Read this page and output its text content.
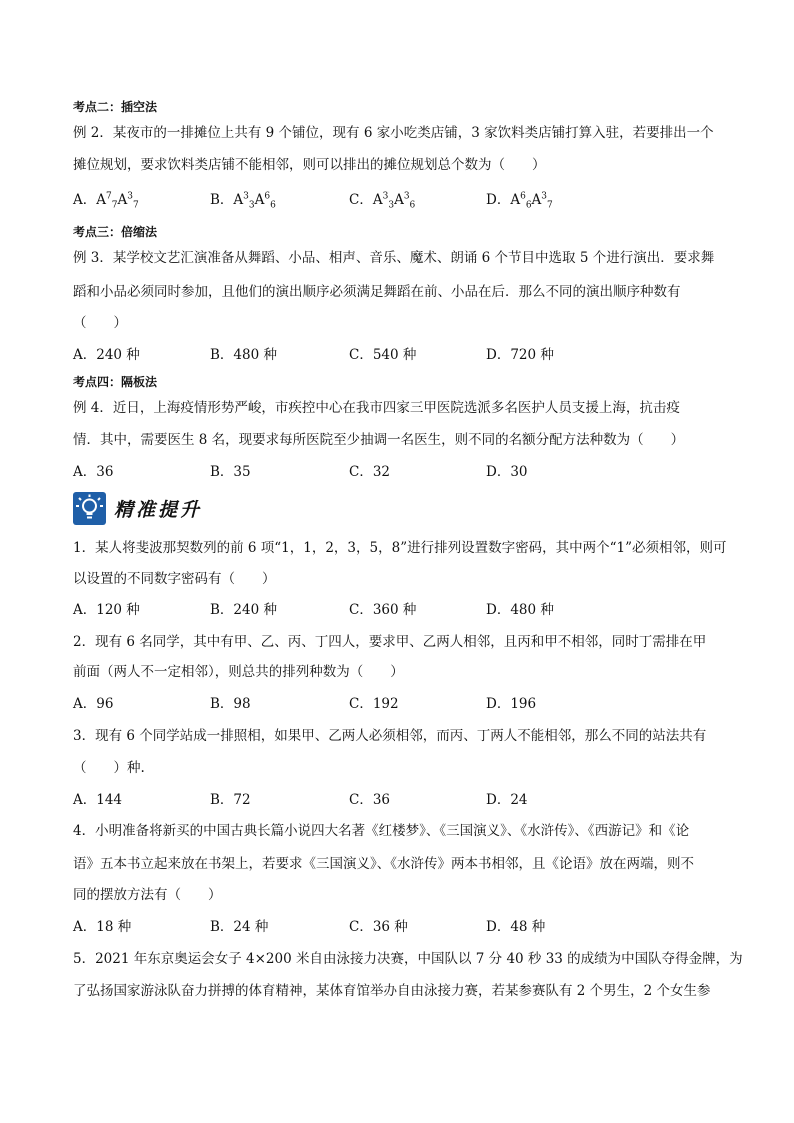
考点二：插空法
例 2．某夜市的一排摊位上共有 9 个铺位，现有 6 家小吃类店铺，3 家饮料类店铺打算入驻，若要排出一个
摊位规划，要求饮料类店铺不能相邻，则可以排出的摊位规划总个数为（　　）
A．$A^7_7A^3_7$	B．$A^3_3A^6_6$	C．$A^3_3A^3_6$	D．$A^6_6A^3_7$
考点三：倍缩法
例 3．某学校文艺汇演准备从舞蹈、小品、相声、音乐、魔术、朗诵 6 个节目中选取 5 个进行演出．要求舞
蹈和小品必须同时参加，且他们的演出顺序必须满足舞蹈在前、小品在后．那么不同的演出顺序种数有
（　　）
A．240 种	B．480 种	C．540 种	D．720 种
考点四：隔板法
例 4．近日，上海疫情形势严峻，市疾控中心在我市四家三甲医院选派多名医护人员支援上海，抗击疫
情．其中，需要医生 8 名，现要求每所医院至少抽调一名医生，则不同的名额分配方法种数为（　　）
A．36	B．35	C．32	D．30
精准提升
1．某人将斐波那契数列的前 6 项“1，1，2，3，5，8”进行排列设置数字密码，其中两个“1”必须相邻，则可
以设置的不同数字密码有（　　）
A．120 种	B．240 种	C．360 种	D．480 种
2．现有 6 名同学，其中有甲、乙、丙、丁四人，要求甲、乙两人相邻，且丙和甲不相邻，同时丁需排在甲
前面（两人不一定相邻），则总共的排列种数为（　　）
A．96	B．98	C．192	D．196
3．现有 6 个同学站成一排照相，如果甲、乙两人必须相邻，而丙、丁两人不能相邻，那么不同的站法共有
（　　）种.
A．144	B．72	C．36	D．24
4．小明准备将新买的中国古典长篇小说四大名著《红楼梦》、《三国演义》、《水浒传》、《西游记》和《论
语》五本书立起来放在书架上，若要求《三国演义》、《水浒传》两本书相邻，且《论语》放在两端，则不
同的摆放方法有（　　）
A．18 种	B．24 种	C．36 种	D．48 种
5．2021 年东京奥运会女子 4×200 米自由泳接力决赛，中国队以 7 分 40 秒 33 的成绩为中国队夺得金牌，为
了弘扬国家游泳队奋力拼搏的体育精神，某体育馆举办自由泳接力赛，若某参赛队有 2 个男生，2 个女生参
